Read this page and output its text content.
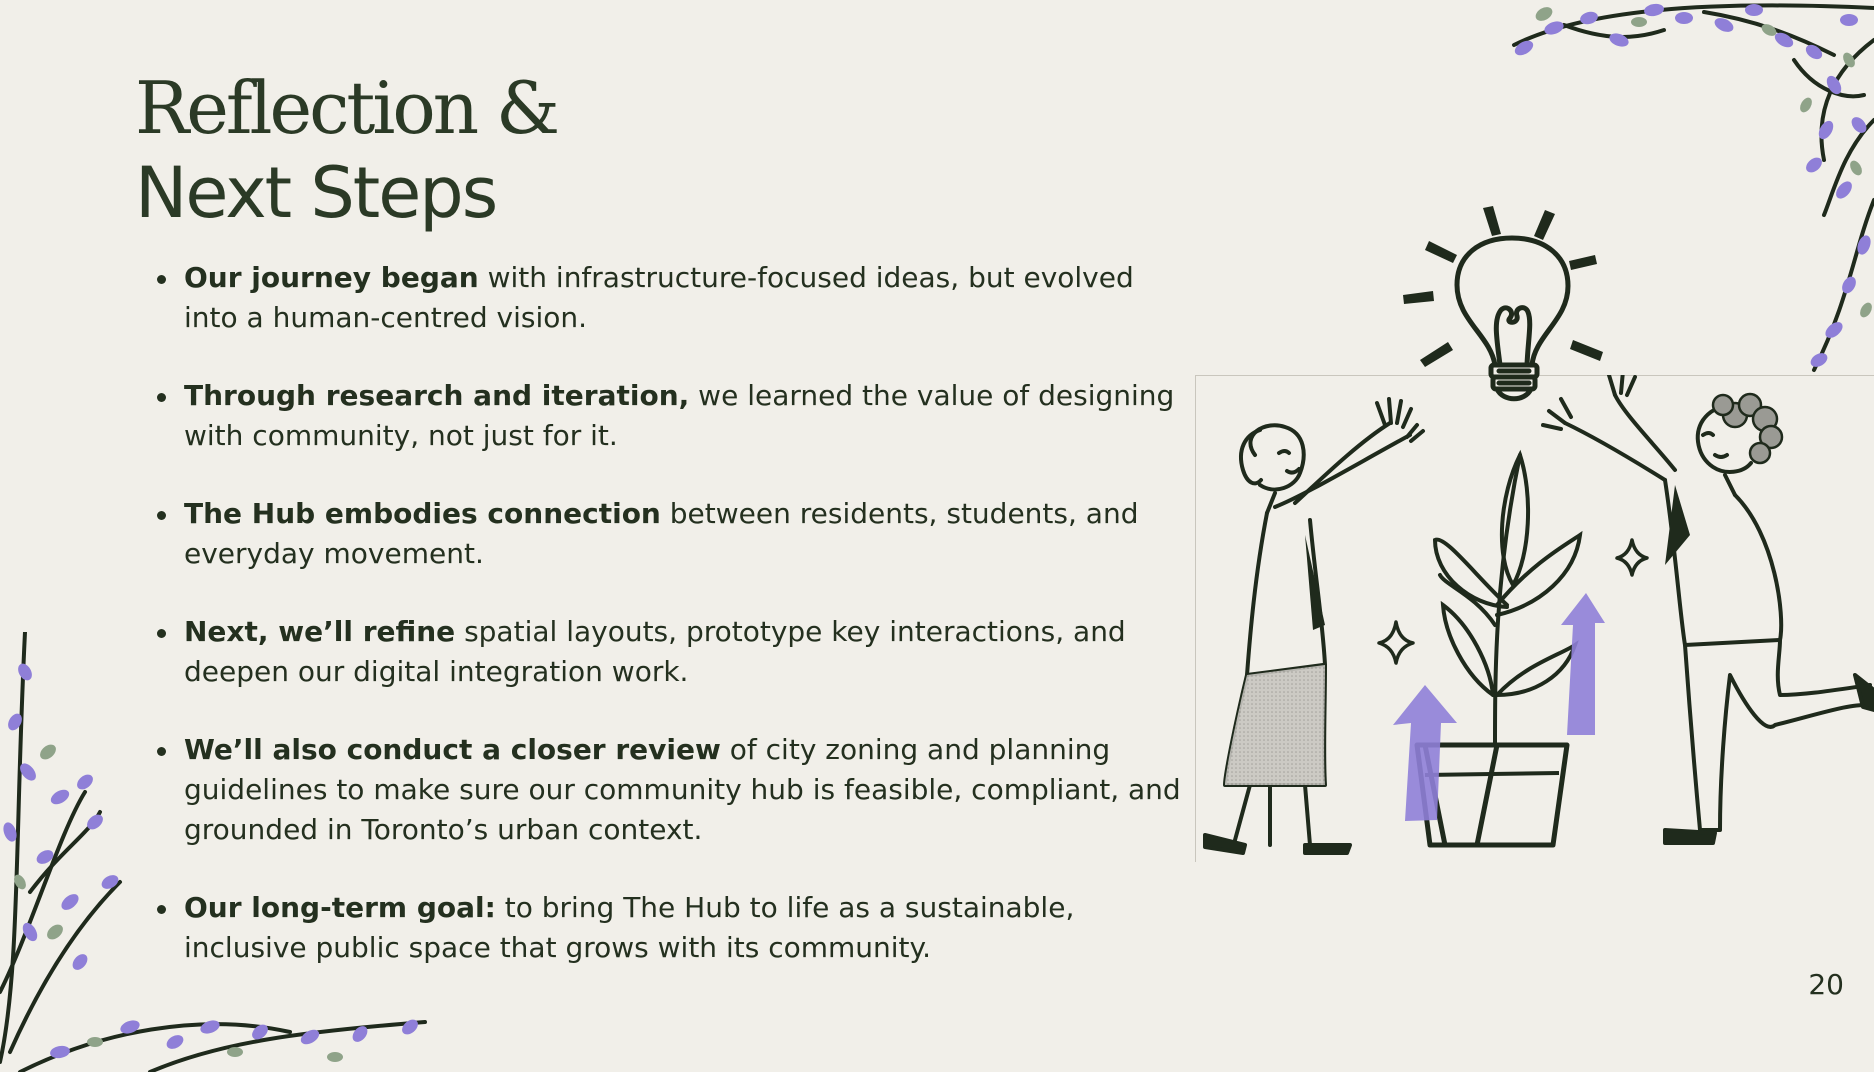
Reflection &
Next Steps
Our journey began with infrastructure-focused ideas, but evolved into a human-centred vision.
Through research and iteration, we learned the value of designing with community, not just for it.
The Hub embodies connection between residents, students, and everyday movement.
Next, we’ll refine spatial layouts, prototype key interactions, and deepen our digital integration work.
We’ll also conduct a closer review of city zoning and planning guidelines to make sure our community hub is feasible, compliant, and grounded in Toronto’s urban context.
Our long-term goal: to bring The Hub to life as a sustainable, inclusive public space that grows with its community.
20
